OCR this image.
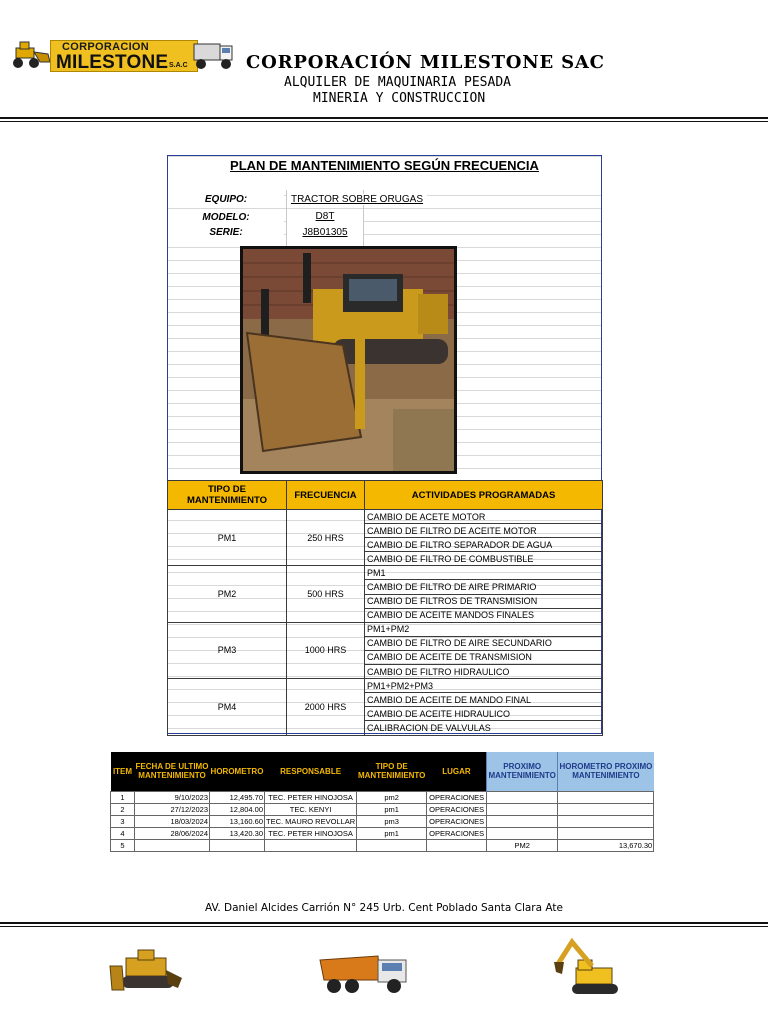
CORPORACION
MILESTONE S.A.C	CORPORACIÓN MILESTONE SAC
ALQUILER DE MAQUINARIA PESADA
MINERIA Y CONSTRUCCION
PLAN DE MANTENIMIENTO SEGÚN FRECUENCIA
EQUIPO:	TRACTOR SOBRE ORUGAS
MODELO:	D8T
SERIE:	J8B01305
TIPO DE MANTENIMIENTO	FRECUENCIA	ACTIVIDADES PROGRAMADAS
PM1	250 HRS	CAMBIO DE ACETE MOTOR
		CAMBIO DE FILTRO DE ACEITE MOTOR
		CAMBIO DE FILTRO SEPARADOR DE AGUA
		CAMBIO DE FILTRO DE COMBUSTIBLE
PM2	500 HRS	PM1
		CAMBIO DE FILTRO DE AIRE PRIMARIO
		CAMBIO DE FILTROS DE TRANSMISION
		CAMBIO DE ACEITE MANDOS FINALES
PM3	1000 HRS	PM1+PM2
		CAMBIO DE FILTRO DE AIRE SECUNDARIO
		CAMBIO DE ACEITE DE TRANSMISION
		CAMBIO DE FILTRO HIDRAULICO
PM4	2000 HRS	PM1+PM2+PM3
		CAMBIO DE ACEITE DE MANDO FINAL
		CAMBIO DE ACEITE HIDRAULICO
		CALIBRACION DE VALVULAS
ITEM	FECHA DE ULTIMO MANTENIMIENTO	HOROMETRO	RESPONSABLE	TIPO DE MANTENIMIENTO	LUGAR	PROXIMO MANTENIMIENTO	HOROMETRO PROXIMO MANTENIMIENTO
1	9/10/2023	12,495.70	TEC. PETER HINOJOSA	pm2	OPERACIONES		
2	27/12/2023	12,804.00	TEC. KENYI	pm1	OPERACIONES		
3	18/03/2024	13,160.60	TEC. MAURO REVOLLAR	pm3	OPERACIONES		
4	28/06/2024	13,420.30	TEC. PETER HINOJOSA	pm1	OPERACIONES		
5						PM2	13,670.30
AV. Daniel Alcides Carrión N° 245 Urb. Cent Poblado Santa Clara Ate
